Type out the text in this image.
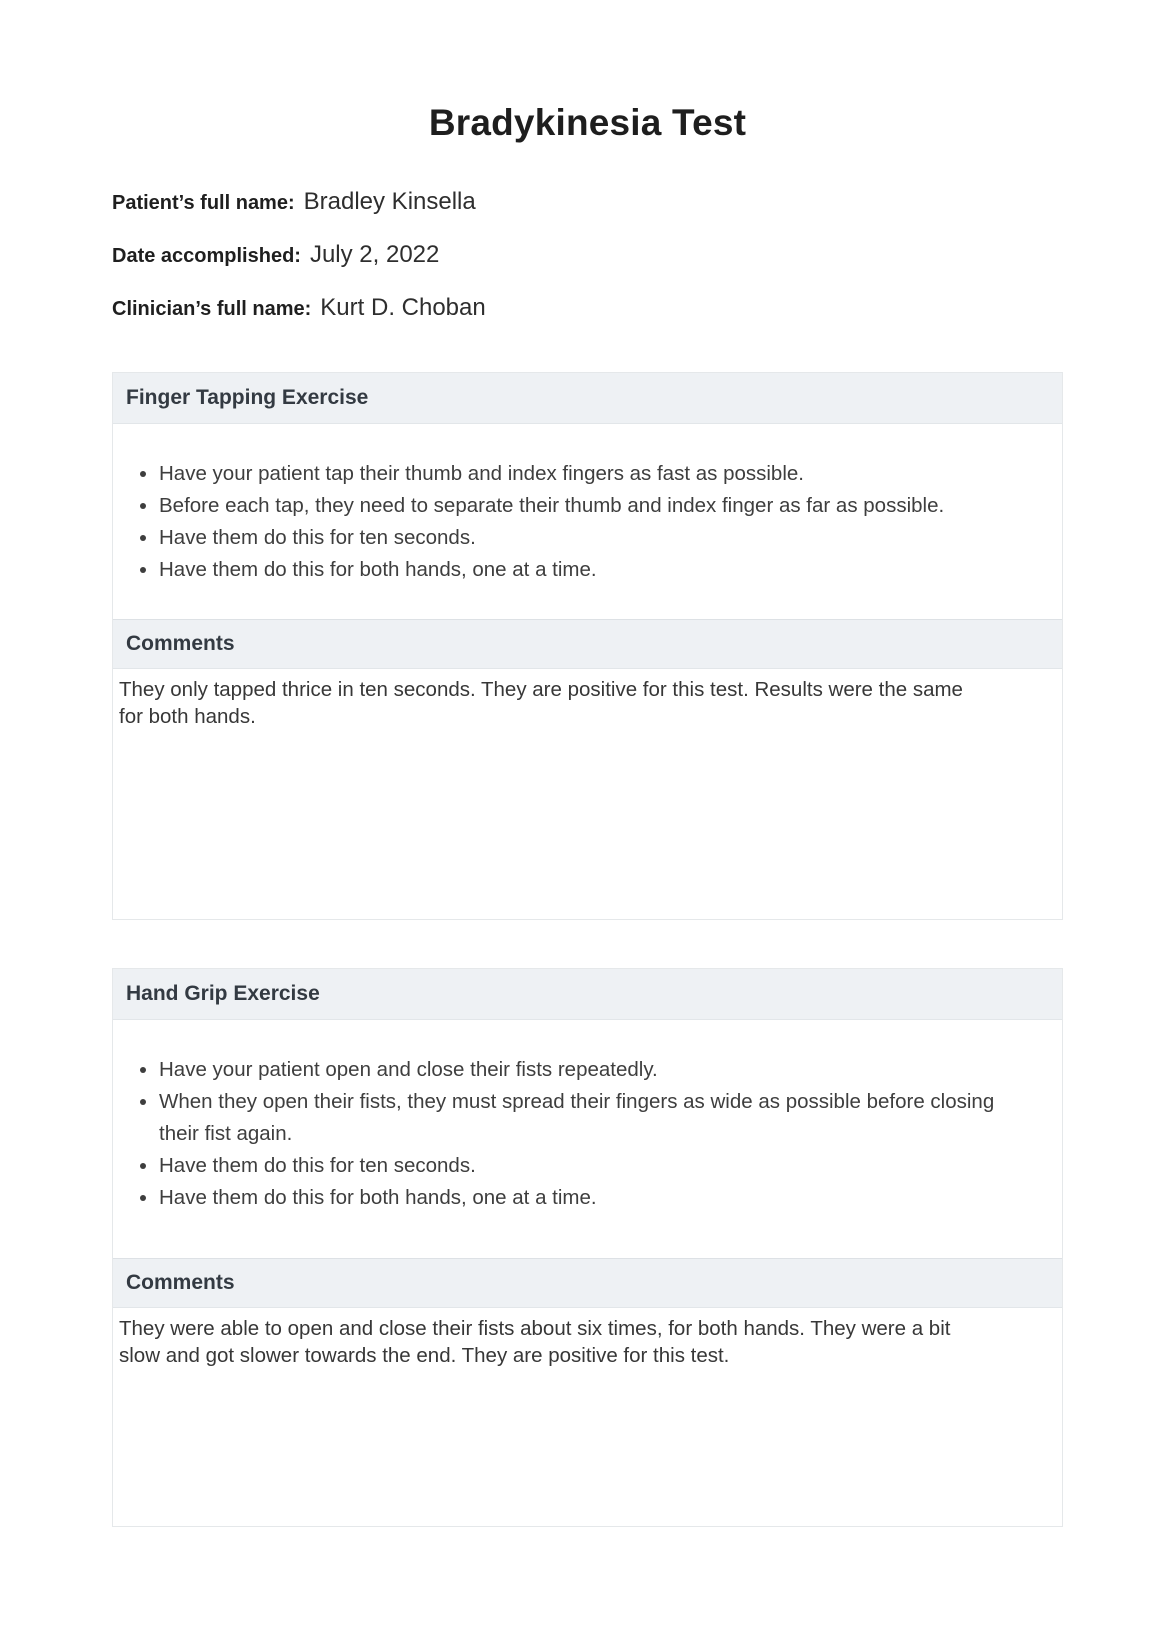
Bradykinesia Test
Patient’s full name: Bradley Kinsella
Date accomplished: July 2, 2022
Clinician’s full name: Kurt D. Choban
Finger Tapping Exercise
• Have your patient tap their thumb and index fingers as fast as possible.
• Before each tap, they need to separate their thumb and index finger as far as possible.
• Have them do this for ten seconds.
• Have them do this for both hands, one at a time.
Comments
They only tapped thrice in ten seconds. They are positive for this test. Results were the same for both hands.
Hand Grip Exercise
• Have your patient open and close their fists repeatedly.
• When they open their fists, they must spread their fingers as wide as possible before closing their fist again.
• Have them do this for ten seconds.
• Have them do this for both hands, one at a time.
Comments
They were able to open and close their fists about six times, for both hands. They were a bit slow and got slower towards the end. They are positive for this test.
